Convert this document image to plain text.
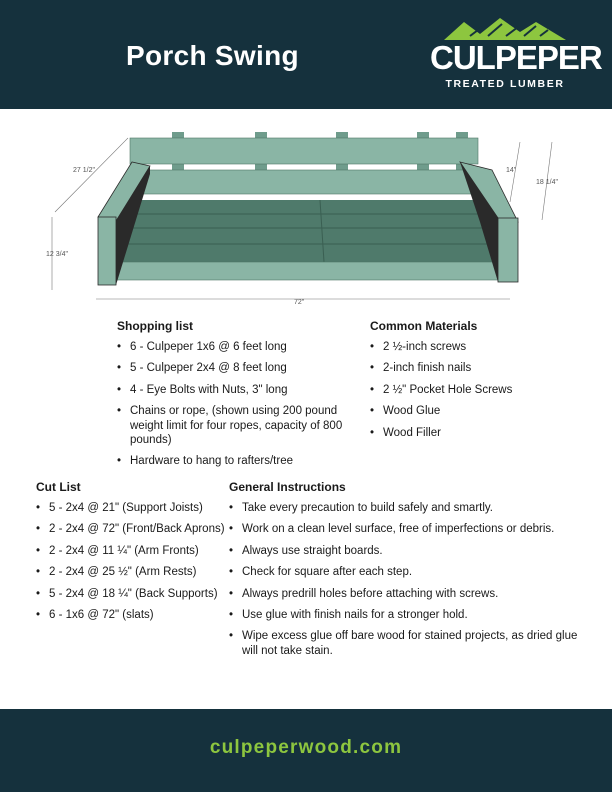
Porch Swing	CULPEPER
TREATED LUMBER
27 1/2"	14"
18 1/4"
12 3/4"
72"
Shopping list
• 6 - Culpeper 1x6 @ 6 feet long
• 5 - Culpeper 2x4 @ 8 feet long
• 4 - Eye Bolts with Nuts, 3" long
• Chains or rope, (shown using 200 pound weight limit for four ropes, capacity of 800 pounds)
• Hardware to hang to rafters/tree
Common Materials
• 2 ½-inch screws
• 2-inch finish nails
• 2 ½" Pocket Hole Screws
• Wood Glue
• Wood Filler
Cut List
• 5 - 2x4 @ 21" (Support Joists)
• 2 - 2x4 @ 72" (Front/Back Aprons)
• 2 - 2x4 @ 11 ¼" (Arm Fronts)
• 2 - 2x4 @ 25 ½" (Arm Rests)
• 5 - 2x4 @ 18 ¼" (Back Supports)
• 6 - 1x6 @ 72" (slats)
General Instructions
• Take every precaution to build safely and smartly.
• Work on a clean level surface, free of imperfections or debris.
• Always use straight boards.
• Check for square after each step.
• Always predrill holes before attaching with screws.
• Use glue with finish nails for a stronger hold.
• Wipe excess glue off bare wood for stained projects, as dried glue will not take stain.
culpeperwood.com
